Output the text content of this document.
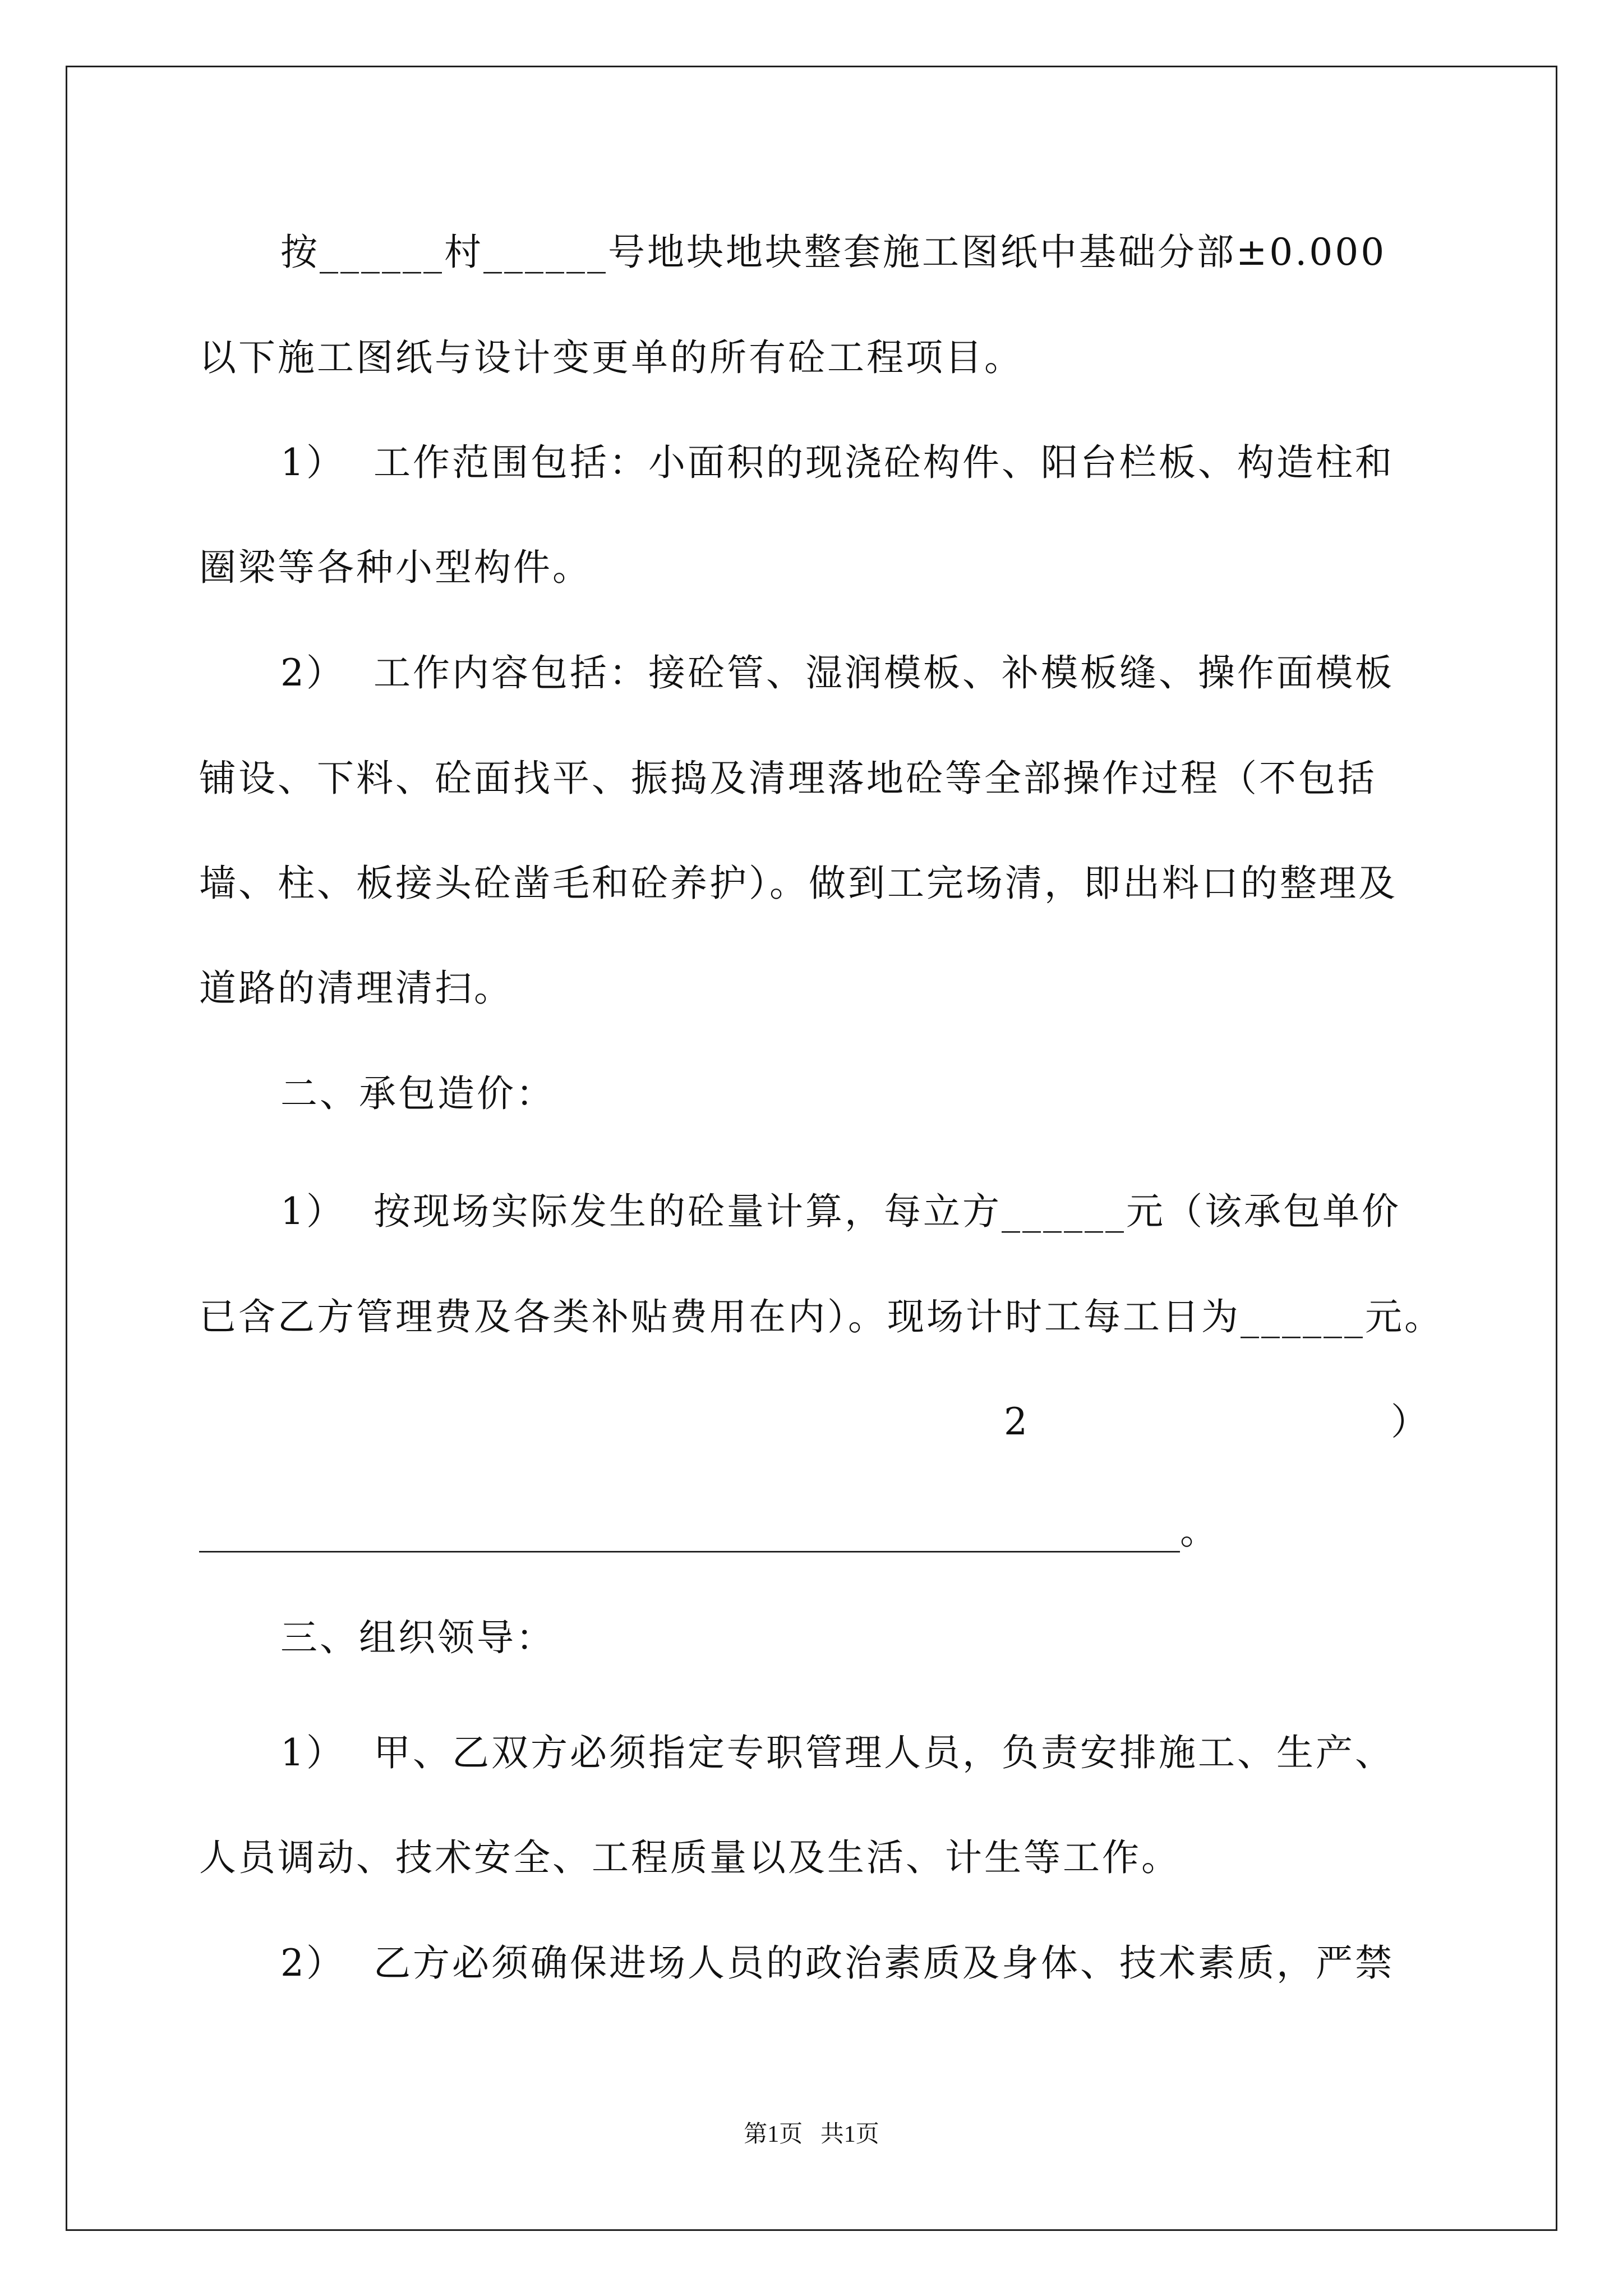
按______村______号地块地块整套施工图纸中基础分部±0.000
以下施工图纸与设计变更单的所有砼工程项目。
1）  工作范围包括：小面积的现浇砼构件、阳台栏板、构造柱和
圈梁等各种小型构件。
2）  工作内容包括：接砼管、湿润模板、补模板缝、操作面模板
铺设、下料、砼面找平、振捣及清理落地砼等全部操作过程（不包括
墙、柱、板接头砼凿毛和砼养护）。做到工完场清，即出料口的整理及
道路的清理清扫。
二、承包造价：
1）  按现场实际发生的砼量计算，每立方______元（该承包单价
已含乙方管理费及各类补贴费用在内）。现场计时工每工日为______元。
2	）
_____________________________________________________。
三、组织领导：
1）  甲、乙双方必须指定专职管理人员，负责安排施工、生产、
人员调动、技术安全、工程质量以及生活、计生等工作。
2）  乙方必须确保进场人员的政治素质及身体、技术素质，严禁
第1页   共1页
